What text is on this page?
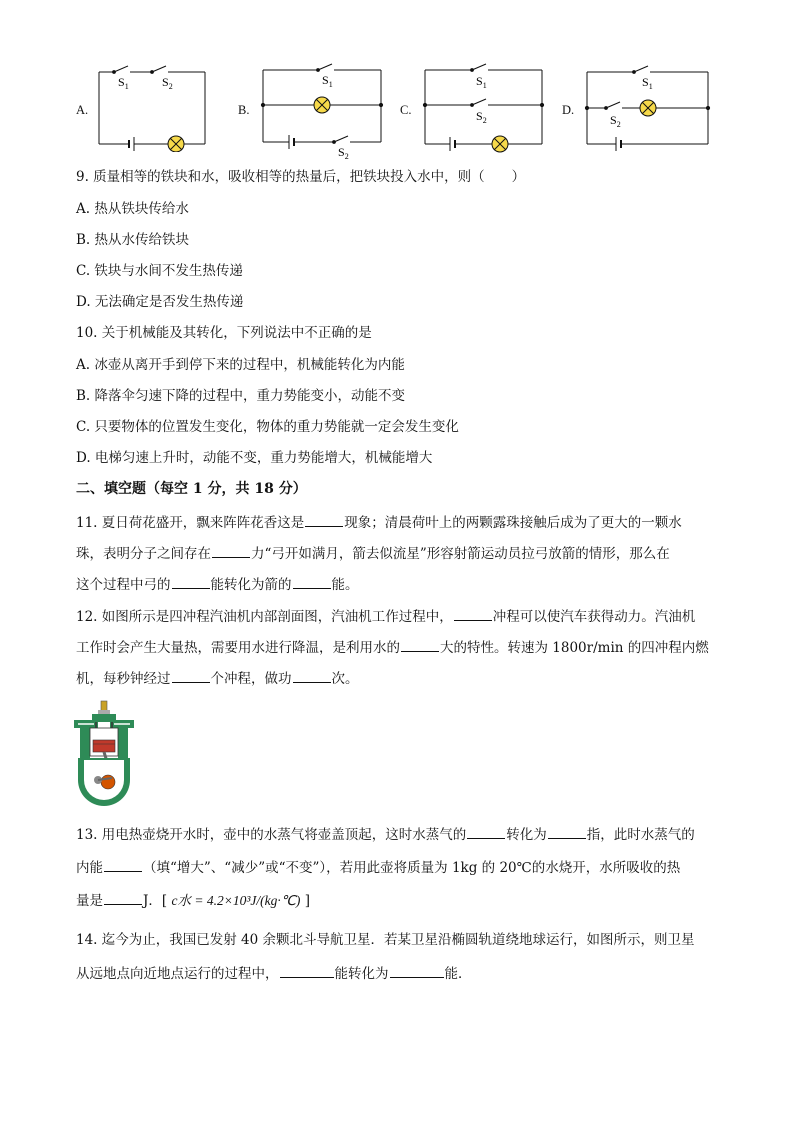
A.
$S_1$	$S_2$
B.
$S_1$
$S_2$
C.
$S_1$
$S_2$
D.
$S_1$
$S_2$
9. 质量相等的铁块和水，吸收相等的热量后，把铁块投入水中，则（　　）
A. 热从铁块传给水
B. 热从水传给铁块
C. 铁块与水间不发生热传递
D. 无法确定是否发生热传递
10. 关于机械能及其转化，下列说法中不正确的是
A. 冰壶从离开手到停下来的过程中，机械能转化为内能
B. 降落伞匀速下降的过程中，重力势能变小，动能不变
C. 只要物体的位置发生变化，物体的重力势能就一定会发生变化
D. 电梯匀速上升时，动能不变，重力势能增大，机械能增大
二、填空题（每空 1 分，共 18 分）
11. 夏日荷花盛开，飘来阵阵花香这是	现象；清晨荷叶上的两颗露珠接触后成为了更大的一颗水
珠，表明分子之间存在	力“弓开如满月，箭去似流星”形容射箭运动员拉弓放箭的情形，那么在
这个过程中弓的	能转化为箭的	能。
12. 如图所示是四冲程汽油机内部剖面图，汽油机工作过程中，	冲程可以使汽车获得动力。汽油机
工作时会产生大量热，需要用水进行降温，是利用水的	大的特性。转速为 1800r/min 的四冲程内燃
机，每秒钟经过	个冲程，做功	次。
13. 用电热壶烧开水时，壶中的水蒸气将壶盖顶起，这时水蒸气的	转化为	指，此时水蒸气的
内能	（填“增大”、“减少”或“不变”），若用此壶将质量为 1kg 的 20℃的水烧开，水所吸收的热
量是	J．[ c水 = 4.2×10³J/(kg·℃) ]
14. 迄今为止，我国已发射 40 余颗北斗导航卫星．若某卫星沿椭圆轨道绕地球运行，如图所示，则卫星
从远地点向近地点运行的过程中，	能转化为	能．
